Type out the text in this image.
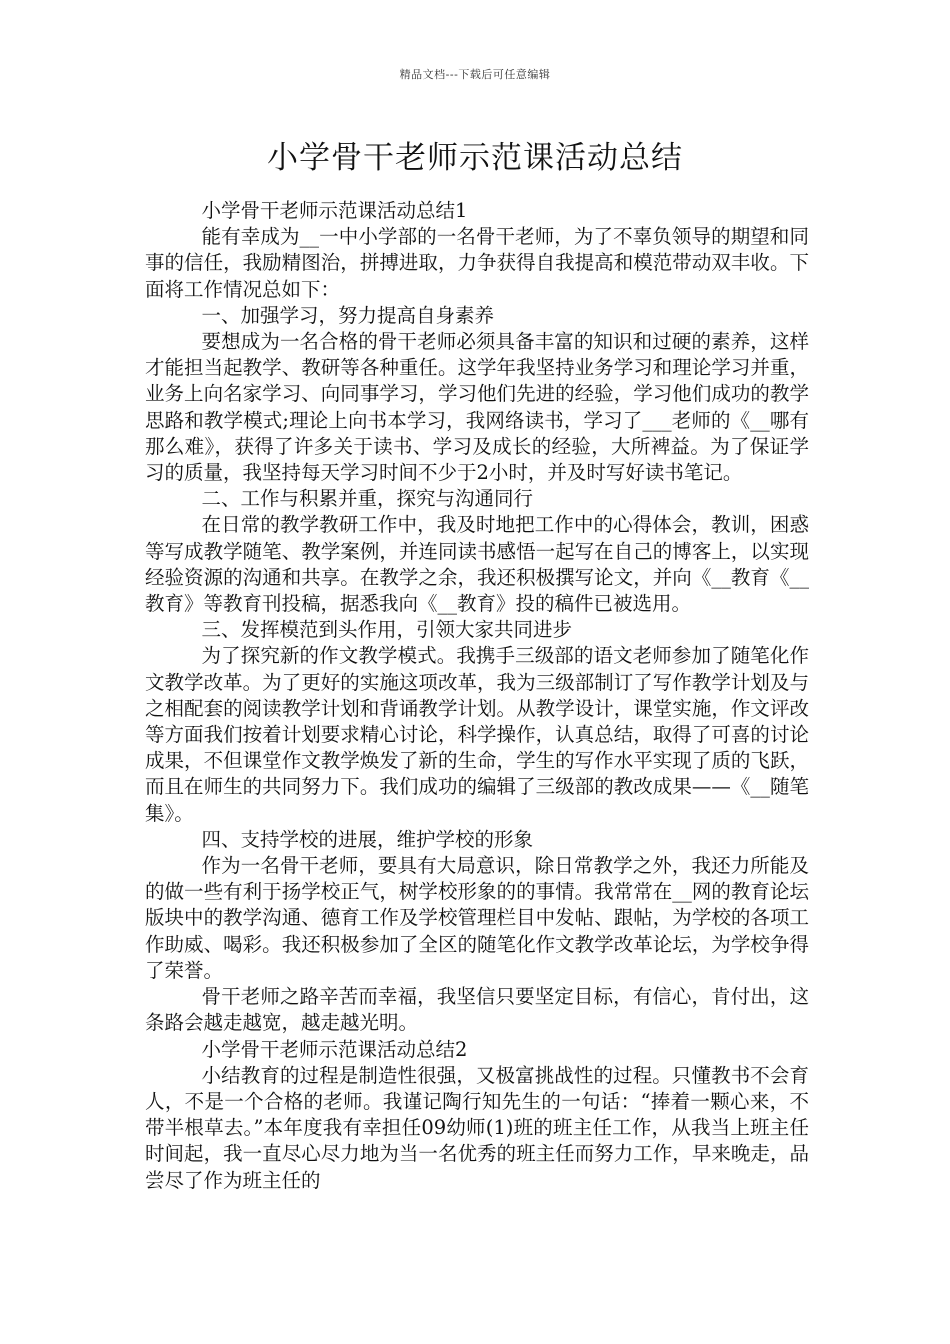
精品文档---下载后可任意编辑
小学骨干老师示范课活动总结

小学骨干老师示范课活动总结1

能有幸成为__一中小学部的一名骨干老师，为了不辜负领导的期望和同事的信任，我励精图治，拼搏进取，力争获得自我提高和模范带动双丰收。下面将工作情况总如下：

一、加强学习，努力提高自身素养

要想成为一名合格的骨干老师必须具备丰富的知识和过硬的素养，这样才能担当起教学、教研等各种重任。这学年我坚持业务学习和理论学习并重，业务上向名家学习、向同事学习，学习他们先进的经验，学习他们成功的教学思路和教学模式;理论上向书本学习，我网络读书，学习了___老师的《__哪有那么难》，获得了许多关于读书、学习及成长的经验，大所裨益。为了保证学习的质量，我坚持每天学习时间不少于2小时，并及时写好读书笔记。

二、工作与积累并重，探究与沟通同行

在日常的教学教研工作中，我及时地把工作中的心得体会，教训，困惑等写成教学随笔、教学案例，并连同读书感悟一起写在自己的博客上，以实现经验资源的沟通和共享。在教学之余，我还积极撰写论文，并向《__教育《__教育》等教育刊投稿，据悉我向《__教育》投的稿件已被选用。

三、发挥模范到头作用，引领大家共同进步

为了探究新的作文教学模式。我携手三级部的语文老师参加了随笔化作文教学改革。为了更好的实施这项改革，我为三级部制订了写作教学计划及与之相配套的阅读教学计划和背诵教学计划。从教学设计，课堂实施，作文评改等方面我们按着计划要求精心讨论，科学操作，认真总结，取得了可喜的讨论成果，不但课堂作文教学焕发了新的生命，学生的写作水平实现了质的飞跃，而且在师生的共同努力下。我们成功的编辑了三级部的教改成果——《__随笔集》。

四、支持学校的进展，维护学校的形象

作为一名骨干老师，要具有大局意识，除日常教学之外，我还力所能及的做一些有利于扬学校正气，树学校形象的的事情。我常常在__网的教育论坛版块中的教学沟通、德育工作及学校管理栏目中发帖、跟帖，为学校的各项工作助威、喝彩。我还积极参加了全区的随笔化作文教学改革论坛，为学校争得了荣誉。

骨干老师之路辛苦而幸福，我坚信只要坚定目标，有信心，肯付出，这条路会越走越宽，越走越光明。

小学骨干老师示范课活动总结2

小结教育的过程是制造性很强，又极富挑战性的过程。只懂教书不会育人，不是一个合格的老师。我谨记陶行知先生的一句话：“捧着一颗心来，不带半根草去。”本年度我有幸担任09幼师(1)班的班主任工作，从我当上班主任时间起，我一直尽心尽力地为当一名优秀的班主任而努力工作，早来晚走，品尝尽了作为班主任的
